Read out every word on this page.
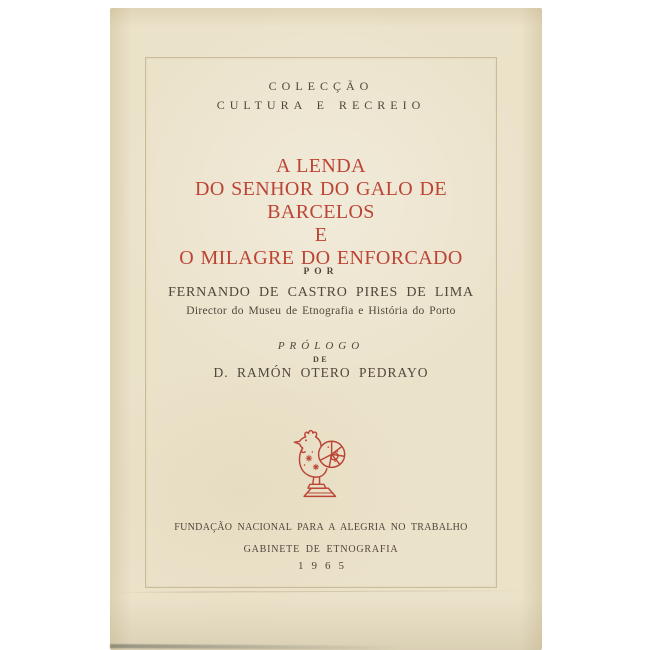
COLECÇÃO
CULTURA E RECREIO
A LENDA
DO SENHOR DO GALO DE BARCELOS
E
O MILAGRE DO ENFORCADO
POR
FERNANDO DE CASTRO PIRES DE LIMA
Director do Museu de Etnografia e História do Porto
PRÓLOGO
DE
D. RAMÓN OTERO PEDRAYO
FUNDAÇÃO NACIONAL PARA A ALEGRIA NO TRABALHO
GABINETE DE ETNOGRAFIA
1965
